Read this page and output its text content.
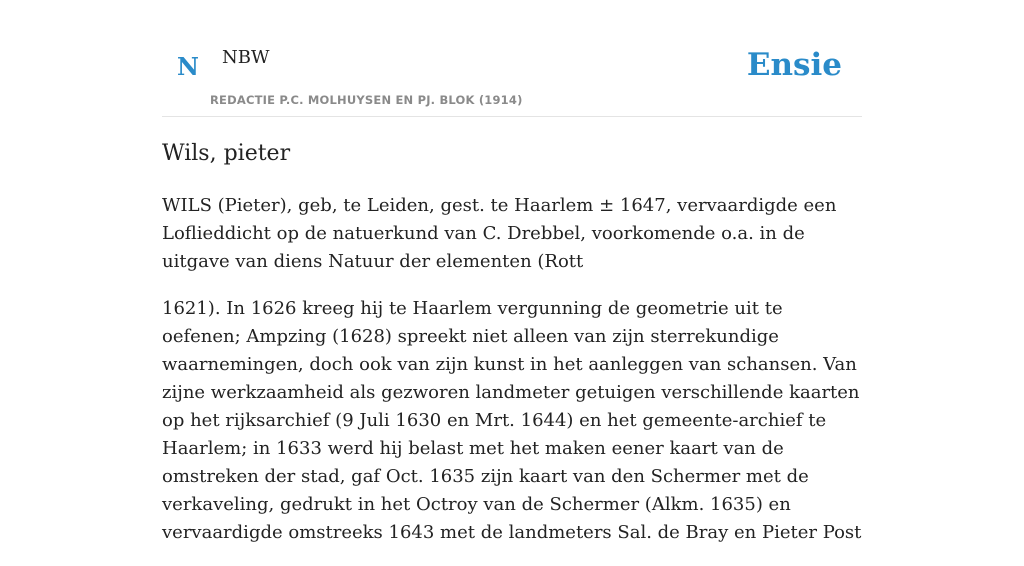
N NBW
REDACTIE P.C. MOLHUYSEN EN PJ. BLOK (1914)
Ensie
Wils, pieter

WILS (Pieter), geb, te Leiden, gest. te Haarlem ± 1647, vervaardigde een Loflieddicht op de natuerkund van C. Drebbel, voorkomende o.a. in de uitgave van diens Natuur der elementen (Rott

1621). In 1626 kreeg hij te Haarlem vergunning de geometrie uit te oefenen; Ampzing (1628) spreekt niet alleen van zijn sterrekundige waarnemingen, doch ook van zijn kunst in het aanleggen van schansen. Van zijne werkzaamheid als gezworen landmeter getuigen verschillende kaarten op het rijksarchief (9 Juli 1630 en Mrt. 1644) en het gemeente-archief te Haarlem; in 1633 werd hij belast met het maken eener kaart van de omstreken der stad, gaf Oct. 1635 zijn kaart van den Schermer met de verkaveling, gedrukt in het Octroy van de Schermer (Alkm. 1635) en vervaardigde omstreeks 1643 met de landmeters Sal. de Bray en Pieter Post
